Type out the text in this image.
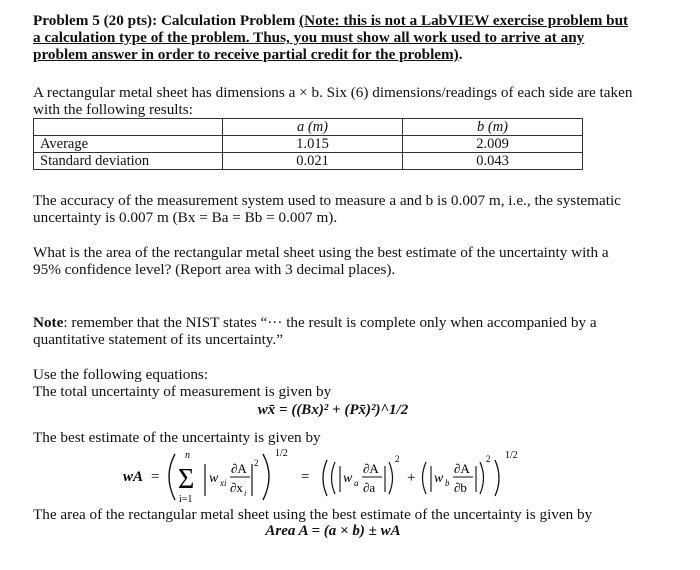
Problem 5 (20 pts): Calculation Problem (Note: this is not a LabVIEW exercise problem but a calculation type of the problem. Thus, you must show all work used to arrive at any problem answer in order to receive partial credit for the problem).

A rectangular metal sheet has dimensions a × b. Six (6) dimensions/readings of each side are taken with the following results:

	a (m)	b (m)
Average	1.015	2.009
Standard deviation	0.021	0.043

The accuracy of the measurement system used to measure a and b is 0.007 m, i.e., the systematic uncertainty is 0.007 m (Bx = Ba = Bb = 0.007 m).

What is the area of the rectangular metal sheet using the best estimate of the uncertainty with a 95% confidence level? (Report area with 3 decimal places).

Note: remember that the NIST states “··· the result is complete only when accompanied by a quantitative statement of its uncertainty.”

Use the following equations:

The total uncertainty of measurement is given by

wx̄ = ((Bx)² + (Px̄)²)^1/2

The best estimate of the uncertainty is given by

wA =
n
Σ
i=1
w xi
∂A
∂x i
2
1/2
= w a
∂A
∂a
2
+ w b
∂A
∂b
2 1/2

The area of the rectangular metal sheet using the best estimate of the uncertainty is given by

Area A = (a × b) ± wA
